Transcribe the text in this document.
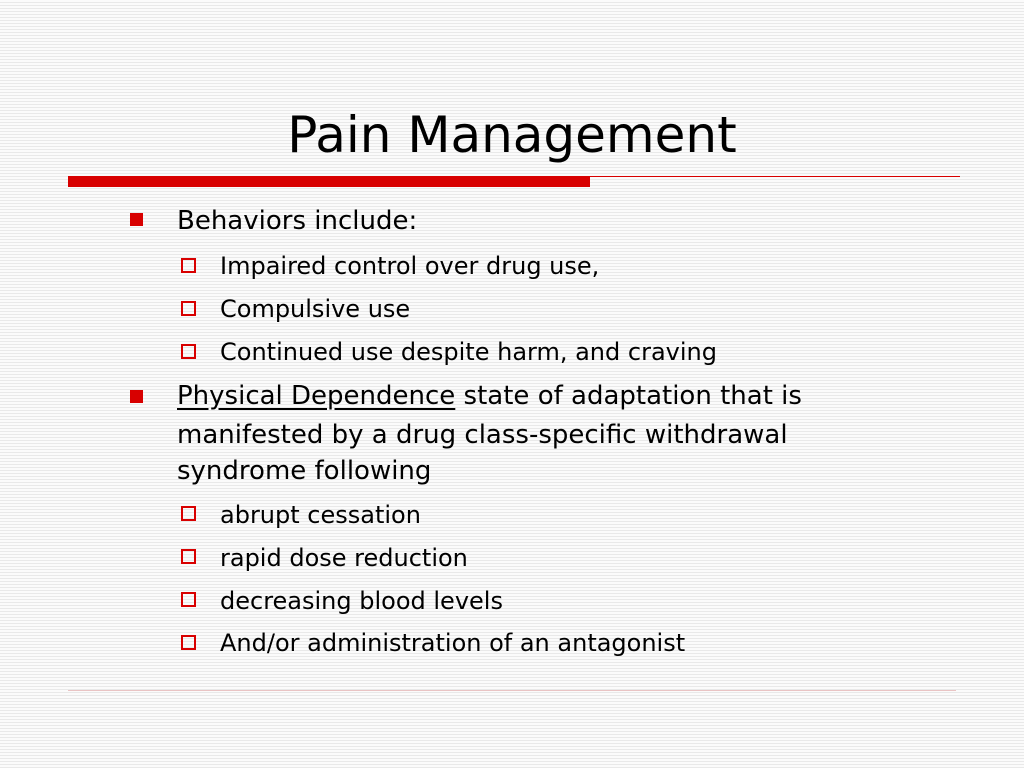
Pain Management
Behaviors include:
Impaired control over drug use,
Compulsive use
Continued use despite harm, and craving
Physical Dependence state of adaptation that is
manifested by a drug class-specific withdrawal
syndrome following
abrupt cessation
rapid dose reduction
decreasing blood levels
And/or administration of an antagonist
